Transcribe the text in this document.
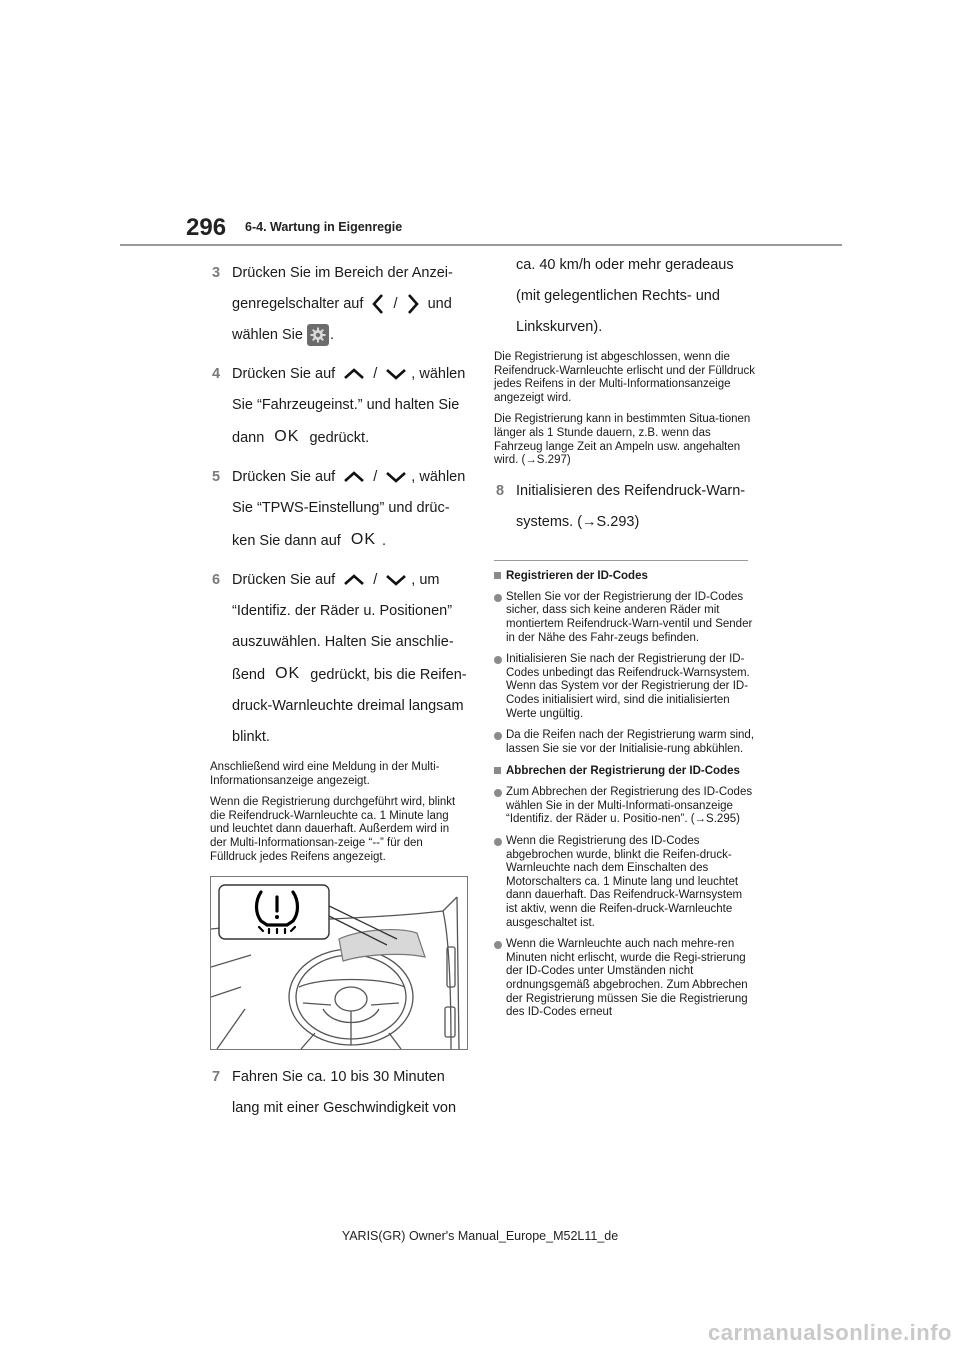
296 6-4. Wartung in Eigenregie
3 Drücken Sie im Bereich der Anzei-
genregelschalter auf / und
wählen Sie .
4 Drücken Sie auf	/ , wählen
Sie “Fahrzeugeinst.” und halten Sie
dann OK gedrückt.
5 Drücken Sie auf	/ , wählen
Sie “TPWS-Einstellung” und drüc-
ken Sie dann auf OK .
6 Drücken Sie auf	/ , um
“Identifiz. der Räder u. Positionen”
auszuwählen. Halten Sie anschlie-
ßend OK gedrückt, bis die Reifen-
druck-Warnleuchte dreimal langsam
blinkt.

Anschließend wird eine Meldung in der Multi-Informationsanzeige angezeigt.

Wenn die Registrierung durchgeführt wird, blinkt die Reifendruck-Warnleuchte ca. 1 Minute lang und leuchtet dann dauerhaft. Außerdem wird in der Multi-Informationsan-zeige “--” für den Fülldruck jedes Reifens angezeigt.

7 Fahren Sie ca. 10 bis 30 Minuten
lang mit einer Geschwindigkeit von
ca. 40 km/h oder mehr geradeaus
(mit gelegentlichen Rechts- und
Linkskurven).

Die Registrierung ist abgeschlossen, wenn die Reifendruck-Warnleuchte erlischt und der Fülldruck jedes Reifens in der Multi-Informationsanzeige angezeigt wird.

Die Registrierung kann in bestimmten Situa-tionen länger als 1 Stunde dauern, z.B. wenn das Fahrzeug lange Zeit an Ampeln usw. angehalten wird. (→S.297)

8 Initialisieren des Reifendruck-Warn-
systems. (→S.293)
Registrieren der ID-Codes
Stellen Sie vor der Registrierung der ID-Codes sicher, dass sich keine anderen Räder mit montiertem Reifendruck-Warn-ventil und Sender in der Nähe des Fahr-zeugs befinden.
Initialisieren Sie nach der Registrierung der ID-Codes unbedingt das Reifendruck-Warnsystem. Wenn das System vor der Registrierung der ID-Codes initialisiert wird, sind die initialisierten Werte ungültig.
Da die Reifen nach der Registrierung warm sind, lassen Sie sie vor der Initialisie-rung abkühlen.
Abbrechen der Registrierung der ID-Codes
Zum Abbrechen der Registrierung des ID-Codes wählen Sie in der Multi-Informati-onsanzeige “Identifiz. der Räder u. Positio-nen”. (→S.295)
Wenn die Registrierung des ID-Codes abgebrochen wurde, blinkt die Reifen-druck-Warnleuchte nach dem Einschalten des Motorschalters ca. 1 Minute lang und leuchtet dann dauerhaft. Das Reifendruck-Warnsystem ist aktiv, wenn die Reifen-druck-Warnleuchte ausgeschaltet ist.
Wenn die Warnleuchte auch nach mehre-ren Minuten nicht erlischt, wurde die Regi-strierung der ID-Codes unter Umständen nicht ordnungsgemäß abgebrochen. Zum Abbrechen der Registrierung müssen Sie die Registrierung des ID-Codes erneut
YARIS(GR) Owner's Manual_Europe_M52L11_de
carmanualsonline.info
